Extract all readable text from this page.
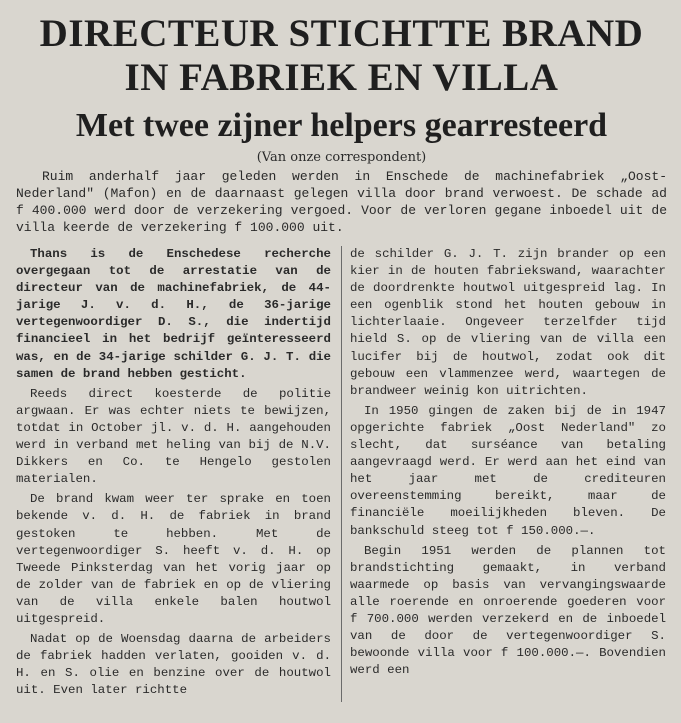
DIRECTEUR STICHTTE BRAND IN FABRIEK EN VILLA
Met twee zijner helpers gearresteerd
(Van onze correspondent)

Ruim anderhalf jaar geleden werden in Enschede de machinefabriek „Oost-Nederland" (Mafon) en de daarnaast gelegen villa door brand verwoest. De schade ad f 400.000 werd door de verzekering vergoed. Voor de verloren gegane inboedel uit de villa keerde de verzekering f 100.000 uit.

Thans is de Enschedese recherche overgegaan tot de arrestatie van de directeur van de machinefabriek, de 44-jarige J. v. d. H., de 36-jarige vertegenwoordiger D. S., die indertijd financieel in het bedrijf geïnteresseerd was, en de 34-jarige schilder G. J. T. die samen de brand hebben gesticht.

Reeds direct koesterde de politie argwaan. Er was echter niets te bewijzen, totdat in October jl. v. d. H. aangehouden werd in verband met heling van bij de N.V. Dikkers en Co. te Hengelo gestolen materialen.

De brand kwam weer ter sprake en toen bekende v. d. H. de fabriek in brand gestoken te hebben. Met de vertegenwoordiger S. heeft v. d. H. op Tweede Pinksterdag van het vorig jaar op de zolder van de fabriek en op de vliering van de villa enkele balen houtwol uitgespreid.

Nadat op de Woensdag daarna de arbeiders de fabriek hadden verlaten, gooiden v. d. H. en S. olie en benzine over de houtwol uit. Even later richtte

de schilder G. J. T. zijn brander op een kier in de houten fabriekswand, waarachter de doordrenkte houtwol uitgespreid lag. In een ogenblik stond het houten gebouw in lichterlaaie. Ongeveer terzelfder tijd hield S. op de vliering van de villa een lucifer bij de houtwol, zodat ook dit gebouw een vlammenzee werd, waartegen de brandweer weinig kon uitrichten.

In 1950 gingen de zaken bij de in 1947 opgerichte fabriek „Oost Nederland" zo slecht, dat surséance van betaling aangevraagd werd. Er werd aan het eind van het jaar met de crediteuren overeenstemming bereikt, maar de financiële moeilijkheden bleven. De bankschuld steeg tot f 150.000.—.

Begin 1951 werden de plannen tot brandstichting gemaakt, in verband waarmede op basis van vervangingswaarde alle roerende en onroerende goederen voor f 700.000 werden verzekerd en de inboedel van de door de vertegenwoordiger S. bewoonde villa voor f 100.000.—. Bovendien werd een
